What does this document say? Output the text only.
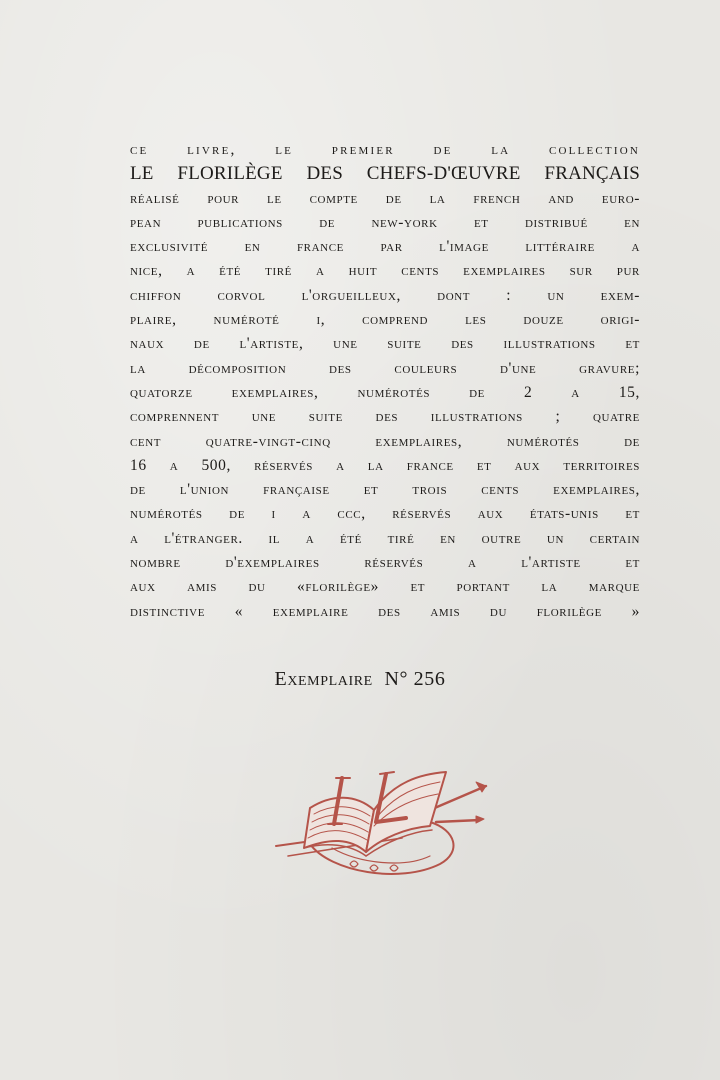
ce livre, le premier de la collection
LE FLORILÈGE DES CHEFS-D'ŒUVRE FRANÇAIS
réalisé pour le compte de la french and euro-
pean publications de new-york et distribué en
exclusivité en france par l'image littéraire a
nice, a été tiré a huit cents exemplaires sur pur
chiffon corvol l'orgueilleux, dont : un exem-
plaire, numéroté i, comprend les douze origi-
naux de l'artiste, une suite des illustrations et
la décomposition des couleurs d'une gravure;
quatorze exemplaires, numérotés de 2 a 15,
comprennent une suite des illustrations ; quatre
cent quatre-vingt-cinq exemplaires, numérotés de
16 a 500, réservés a la france et aux territoires
de l'union française et trois cents exemplaires,
numérotés de i a ccc, réservés aux états-unis et
a l'étranger. il a été tiré en outre un certain
nombre d'exemplaires réservés a l'artiste et
aux amis du «florilège» et portant la marque
distinctive « exemplaire des amis du florilège »
Exemplaire N° 256
